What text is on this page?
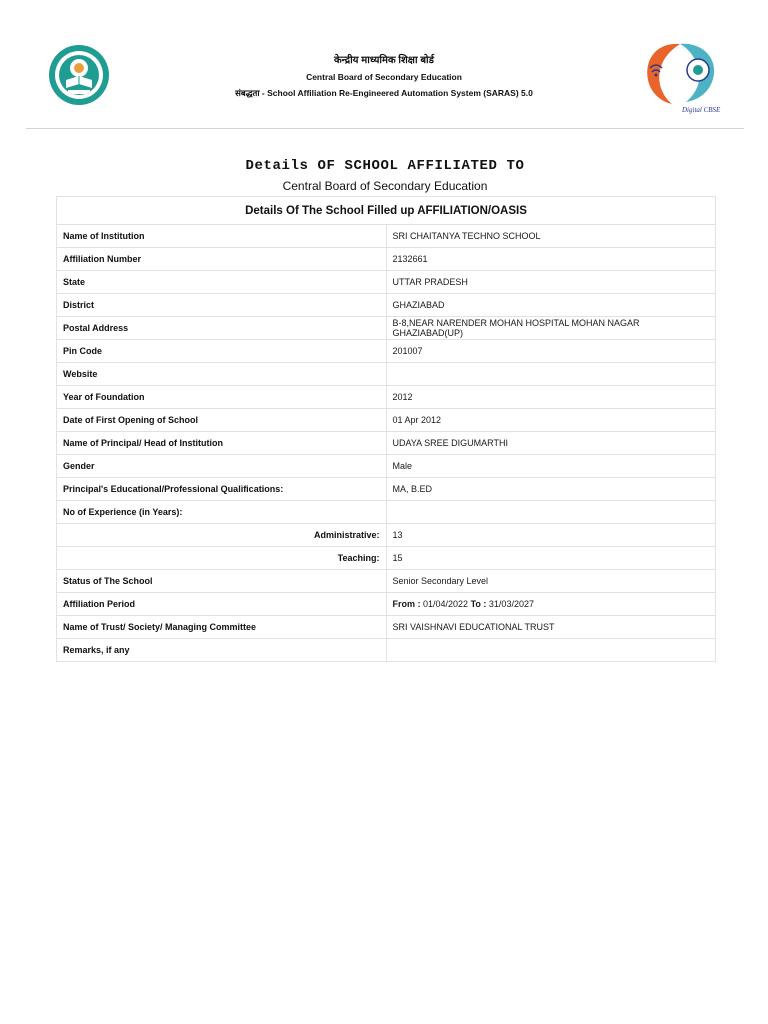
केन्द्रीय माध्यमिक शिक्षा बोर्ड
Central Board of Secondary Education
संबद्धता - School Affiliation Re-Engineered Automation System (SARAS) 5.0
Digital CBSE
Details OF SCHOOL AFFILIATED TO
Central Board of Secondary Education
Details Of The School Filled up AFFILIATION/OASIS	
Name of Institution	SRI CHAITANYA TECHNO SCHOOL
Affiliation Number	2132661
State	UTTAR PRADESH
District	GHAZIABAD
Postal Address	B-8,NEAR NARENDER MOHAN HOSPITAL MOHAN NAGAR GHAZIABAD(UP)
Pin Code	201007
Website	
Year of Foundation	2012
Date of First Opening of School	01 Apr 2012
Name of Principal/ Head of Institution	UDAYA SREE DIGUMARTHI
Gender	Male
Principal's Educational/Professional Qualifications:	MA, B.ED
No of Experience (in Years):	
Administrative:	13
Teaching:	15
Status of The School	Senior Secondary Level
Affiliation Period	From : 01/04/2022 To : 31/03/2027
Name of Trust/ Society/ Managing Committee	SRI VAISHNAVI EDUCATIONAL TRUST
Remarks, if any	
